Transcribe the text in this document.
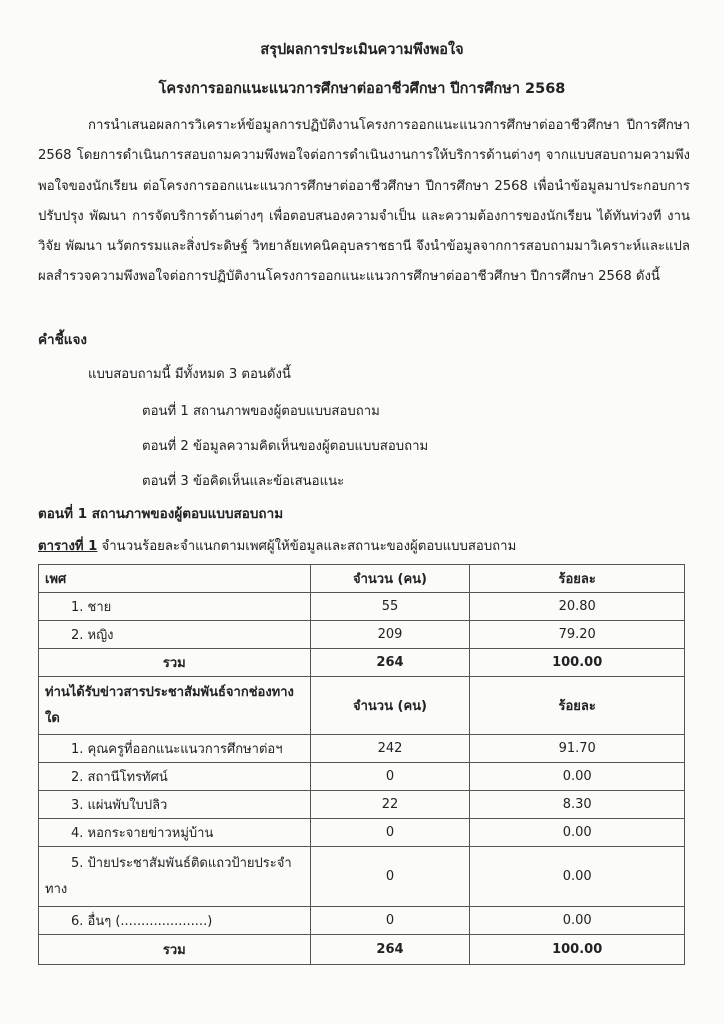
สรุปผลการประเมินความพึงพอใจ
โครงการออกแนะแนวการศึกษาต่ออาชีวศึกษา ปีการศึกษา 2568
การนำเสนอผลการวิเคราะห์ข้อมูลการปฏิบัติงานโครงการออกแนะแนวการศึกษาต่ออาชีวศึกษา ปีการศึกษา 2568 โดยการดำเนินการสอบถามความพึงพอใจต่อการดำเนินงานการให้บริการด้านต่างๆ จากแบบสอบถามความพึงพอใจของนักเรียน ต่อโครงการออกแนะแนวการศึกษาต่ออาชีวศึกษา ปีการศึกษา 2568 เพื่อนำข้อมูลมาประกอบการปรับปรุง พัฒนา การจัดบริการด้านต่างๆ เพื่อตอบสนองความจำเป็น และความต้องการของนักเรียน ได้ทันท่วงที งานวิจัย พัฒนา นวัตกรรมและสิ่งประดิษฐ์ วิทยาลัยเทคนิคอุบลราชธานี จึงนำข้อมูลจากการสอบถามมาวิเคราะห์และแปลผลสำรวจความพึงพอใจต่อการปฏิบัติงานโครงการออกแนะแนวการศึกษาต่ออาชีวศึกษา ปีการศึกษา 2568 ดังนี้
คำชี้แจง
แบบสอบถามนี้ มีทั้งหมด 3 ตอนดังนี้
ตอนที่ 1 สถานภาพของผู้ตอบแบบสอบถาม
ตอนที่ 2 ข้อมูลความคิดเห็นของผู้ตอบแบบสอบถาม
ตอนที่ 3 ข้อคิดเห็นและข้อเสนอแนะ
ตอนที่ 1 สถานภาพของผู้ตอบแบบสอบถาม
ตารางที่ 1 จำนวนร้อยละจำแนกตามเพศผู้ให้ข้อมูลและสถานะของผู้ตอบแบบสอบถาม
เพศ	จำนวน (คน)	ร้อยละ
1. ชาย	55	20.80
2. หญิง	209	79.20
รวม	264	100.00
ท่านได้รับข่าวสารประชาสัมพันธ์จากช่องทางใด	จำนวน (คน)	ร้อยละ
1. คุณครูที่ออกแนะแนวการศึกษาต่อฯ	242	91.70
2. สถานีโทรทัศน์	0	0.00
3. แผ่นพับใบปลิว	22	8.30
4. หอกระจายข่าวหมู่บ้าน	0	0.00
5. ป้ายประชาสัมพันธ์ติดแถวป้ายประจำทาง	0	0.00
6. อื่นๆ (.....................)	0	0.00
รวม	264	100.00
